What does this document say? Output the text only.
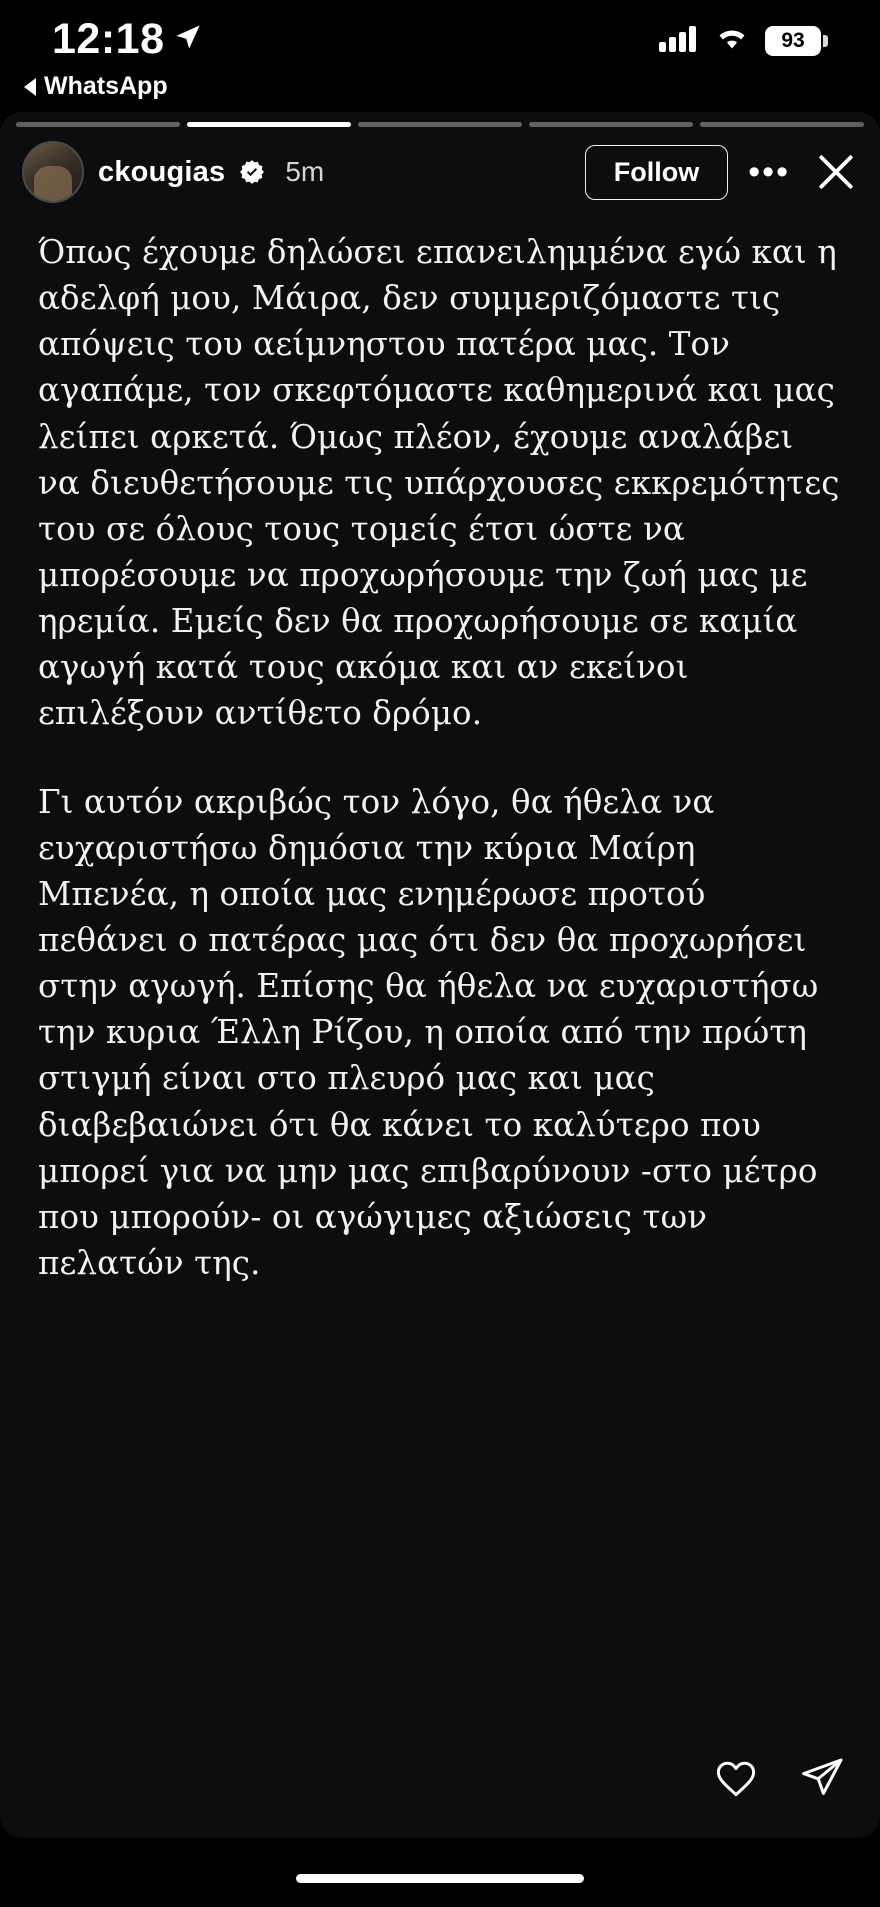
12:18	93
WhatsApp
ckougias 5m	Follow	•••

Όπως έχουμε δηλώσει επανειλημμένα εγώ και η αδελφή μου, Μάιρα, δεν συμμεριζόμαστε τις απόψεις του αείμνηστου πατέρα μας. Τον αγαπάμε, τον σκεφτόμαστε καθημερινά και μας λείπει αρκετά. Όμως πλέον, έχουμε αναλάβει να διευθετήσουμε τις υπάρχουσες εκκρεμότητες του σε όλους τους τομείς έτσι ώστε να μπορέσουμε να προχωρήσουμε την ζωή μας με ηρεμία. Εμείς δεν θα προχωρήσουμε σε καμία αγωγή κατά τους ακόμα και αν εκείνοι επιλέξουν αντίθετο δρόμο.

Γι αυτόν ακριβώς τον λόγο, θα ήθελα να ευχαριστήσω δημόσια την κύρια Μαίρη Μπενέα, η οποία μας ενημέρωσε προτού πεθάνει ο πατέρας μας ότι δεν θα προχωρήσει στην αγωγή. Επίσης θα ήθελα να ευχαριστήσω την κυρια Έλλη Ρίζου, η οποία από την πρώτη στιγμή είναι στο πλευρό μας και μας διαβεβαιώνει ότι θα κάνει το καλύτερο που μπορεί για να μην μας επιβαρύνουν -στο μέτρο που μπορούν- οι αγώγιμες αξιώσεις των πελατών της.
